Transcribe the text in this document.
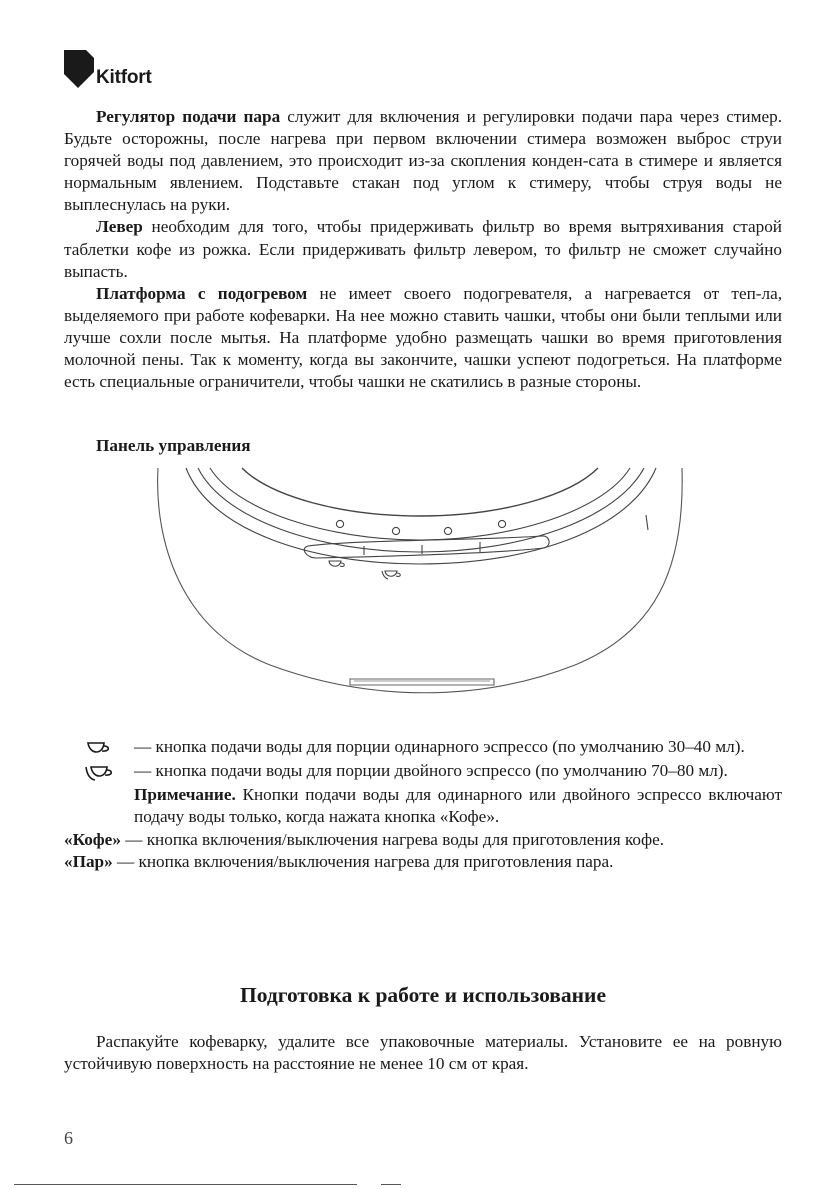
Kitfort

Регулятор подачи пара служит для включения и регулировки подачи пара через стимер. Будьте осторожны, после нагрева при первом включении стимера возможен выброс струи горячей воды под давлением, это происходит из-за скопления конден-сата в стимере и является нормальным явлением. Подставьте стакан под углом к стимеру, чтобы струя воды не выплеснулась на руки.

Левер необходим для того, чтобы придерживать фильтр во время вытряхивания старой таблетки кофе из рожка. Если придерживать фильтр левером, то фильтр не сможет случайно выпасть.

Платформа с подогревом не имеет своего подогревателя, а нагревается от теп-ла, выделяемого при работе кофеварки. На нее можно ставить чашки, чтобы они были теплыми или лучше сохли после мытья. На платформе удобно размещать чашки во время приготовления молочной пены. Так к моменту, когда вы закончите, чашки успеют подогреться. На платформе есть специальные ограничители, чтобы чашки не скатились в разные стороны.

Панель управления
— кнопка подачи воды для порции одинарного эспрессо (по умолчанию 30–40 мл).
— кнопка подачи воды для порции двойного эспрессо (по умолчанию 70–80 мл).
Примечание. Кнопки подачи воды для одинарного или двойного эспрессо включают подачу воды только, когда нажата кнопка «Кофе».
«Кофе» — кнопка включения/выключения нагрева воды для приготовления кофе.
«Пар» — кнопка включения/выключения нагрева для приготовления пара.
Подготовка к работе и использование

Распакуйте кофеварку, удалите все упаковочные материалы. Установите ее на ровную устойчивую поверхность на расстояние не менее 10 см от края.

6
